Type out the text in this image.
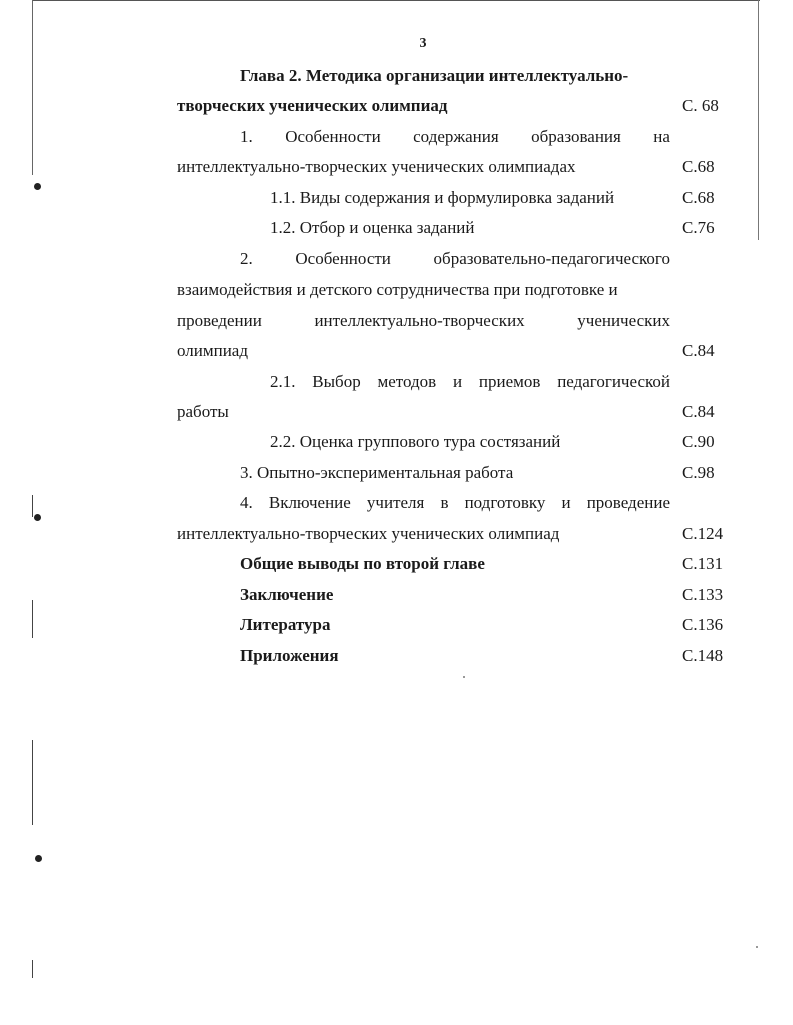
3
Глава 2. Методика организации интеллектуально-
творческих ученических олимпиад	С. 68
1. Особенности содержания образования на
интеллектуально-творческих ученических олимпиадах	С.68
1.1. Виды содержания и формулировка заданий	С.68
1.2. Отбор и оценка заданий	С.76
2.	Особенности	образовательно-педагогического
взаимодействия и детского сотрудничества при подготовке и
проведении	интеллектуально-творческих	ученических
олимпиад	С.84
2.1. Выбор методов и приемов педагогической
работы	С.84
2.2. Оценка группового тура состязаний	С.90
3. Опытно-экспериментальная работа	С.98
4. Включение учителя в подготовку и проведение
интеллектуально-творческих ученических олимпиад	С.124
Общие выводы по второй главе	С.131
Заключение	С.133
Литература	С.136
Приложения	С.148
